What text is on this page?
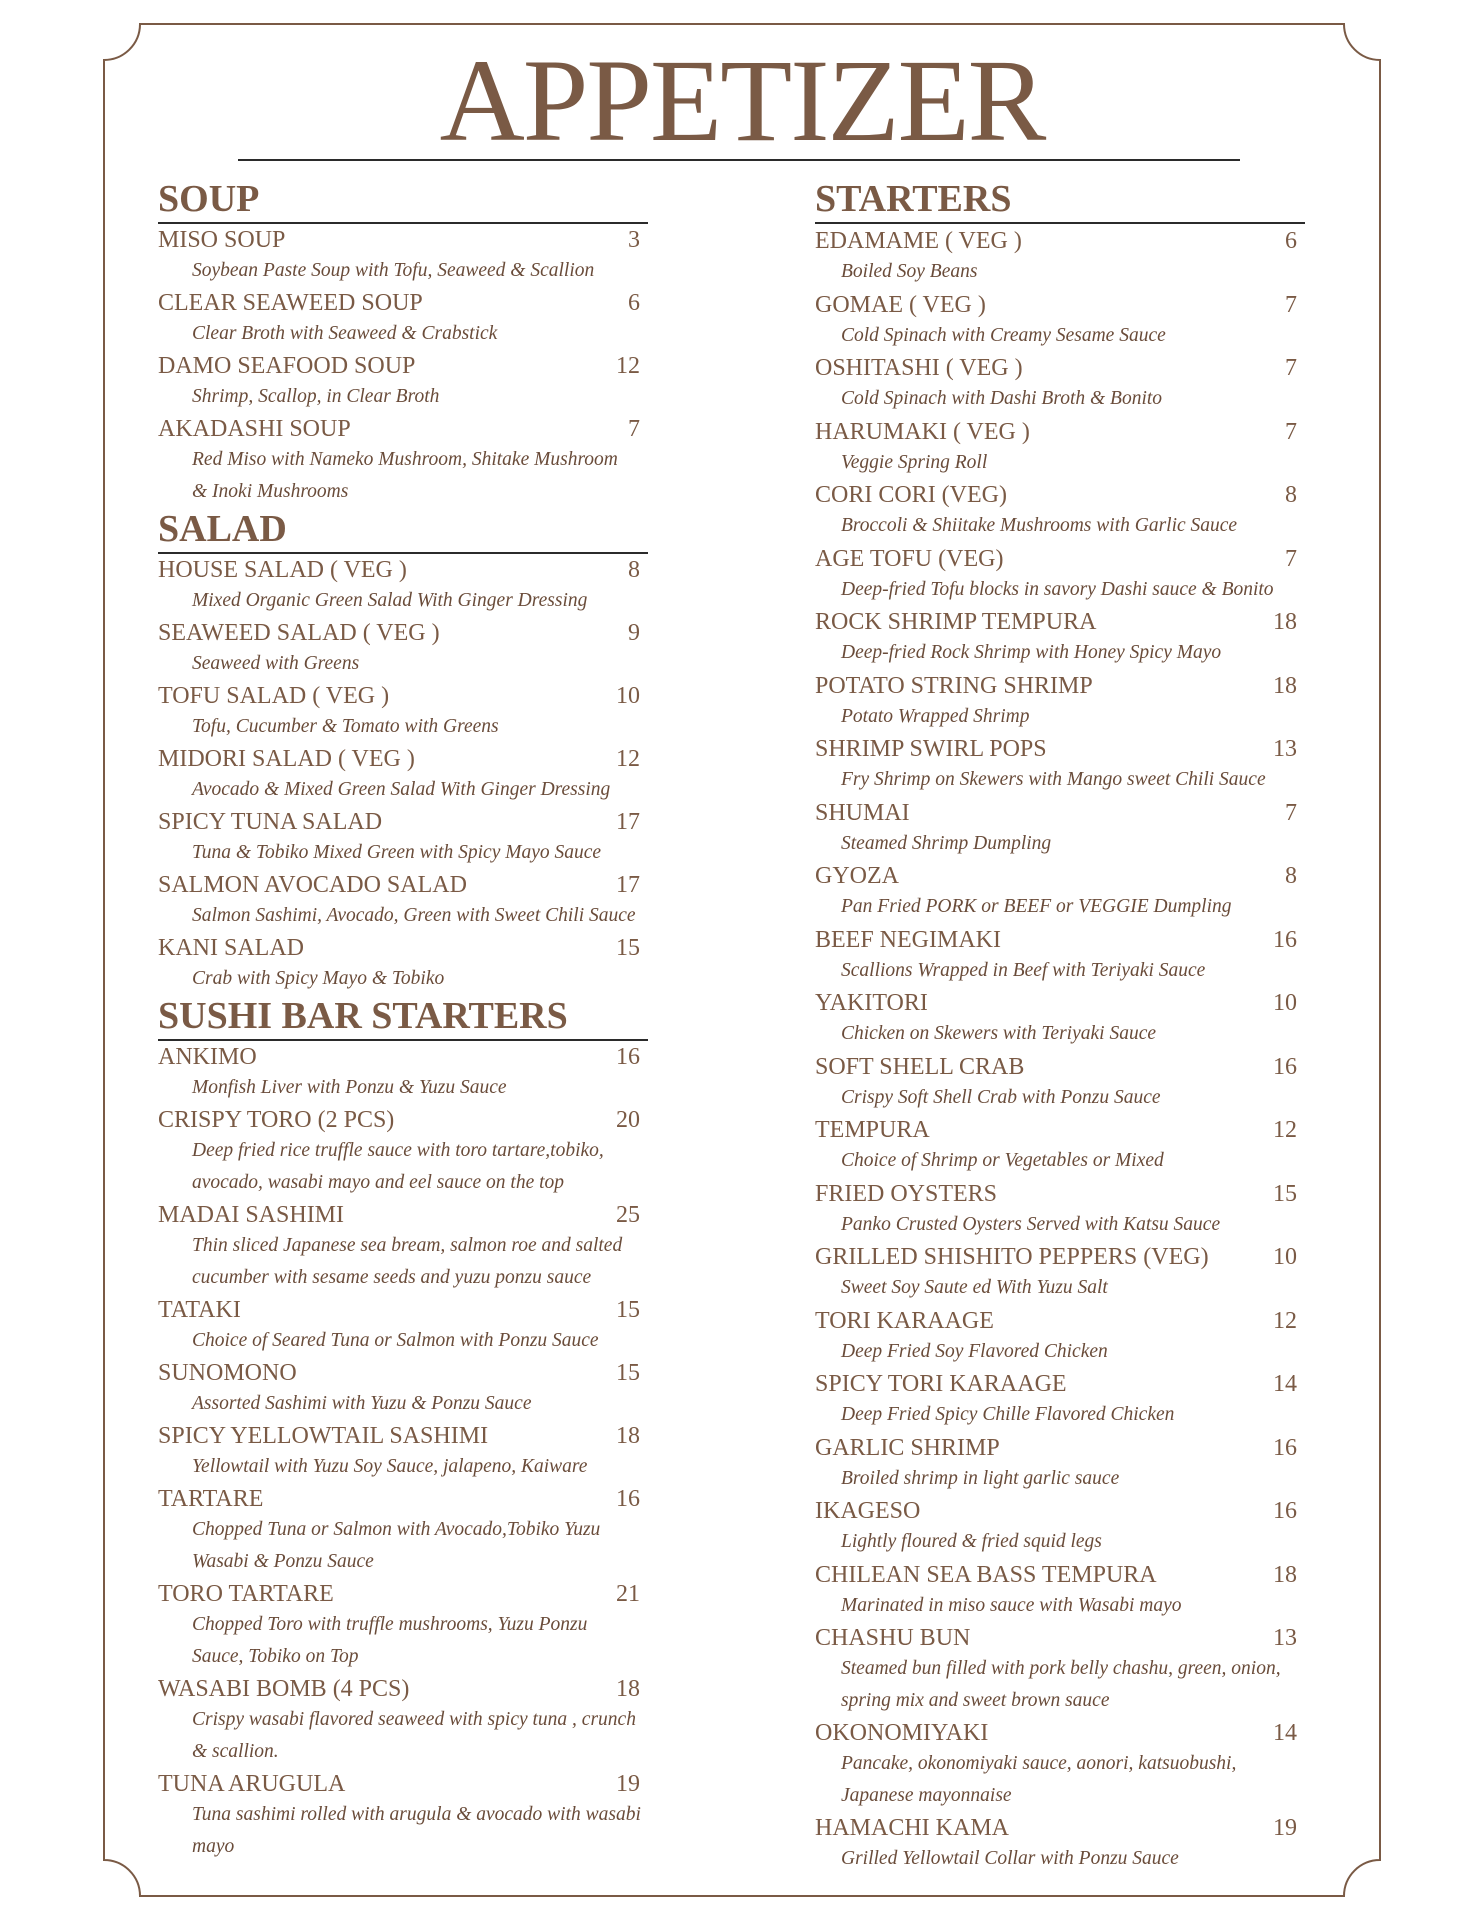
APPETIZER
SOUP
MISO SOUP	3
Soybean Paste Soup with Tofu, Seaweed & Scallion
CLEAR SEAWEED SOUP	6
Clear Broth with Seaweed & Crabstick
DAMO SEAFOOD SOUP	12
Shrimp, Scallop, in Clear Broth
AKADASHI SOUP	7
Red Miso with Nameko Mushroom, Shitake Mushroom
& Inoki Mushrooms
SALAD
HOUSE SALAD ( VEG )	8
Mixed Organic Green Salad With Ginger Dressing
SEAWEED SALAD ( VEG )	9
Seaweed with Greens
TOFU SALAD ( VEG )	10
Tofu, Cucumber & Tomato with Greens
MIDORI SALAD ( VEG )	12
Avocado & Mixed Green Salad With Ginger Dressing
SPICY TUNA SALAD	17
Tuna & Tobiko Mixed Green with Spicy Mayo Sauce
SALMON AVOCADO SALAD	17
Salmon Sashimi, Avocado, Green with Sweet Chili Sauce
KANI SALAD	15
Crab with Spicy Mayo & Tobiko
SUSHI BAR STARTERS
ANKIMO	16
Monfish Liver with Ponzu & Yuzu Sauce
CRISPY TORO (2 PCS)	20
Deep fried rice truffle sauce with toro tartare,tobiko,
avocado, wasabi mayo and eel sauce on the top
MADAI SASHIMI	25
Thin sliced Japanese sea bream, salmon roe and salted
cucumber with sesame seeds and yuzu ponzu sauce
TATAKI	15
Choice of Seared Tuna or Salmon with Ponzu Sauce
SUNOMONO	15
Assorted Sashimi with Yuzu & Ponzu Sauce
SPICY YELLOWTAIL SASHIMI	18
Yellowtail with Yuzu Soy Sauce, jalapeno, Kaiware
TARTARE	16
Chopped Tuna or Salmon with Avocado,Tobiko Yuzu
Wasabi & Ponzu Sauce
TORO TARTARE	21
Chopped Toro with truffle mushrooms, Yuzu Ponzu
Sauce, Tobiko on Top
WASABI BOMB (4 PCS)	18
Crispy wasabi flavored seaweed with spicy tuna , crunch
& scallion.
TUNA ARUGULA	19
Tuna sashimi rolled with arugula & avocado with wasabi
mayo
STARTERS
EDAMAME ( VEG )	6
Boiled Soy Beans
GOMAE ( VEG )	7
Cold Spinach with Creamy Sesame Sauce
OSHITASHI ( VEG )	7
Cold Spinach with Dashi Broth & Bonito
HARUMAKI ( VEG )	7
Veggie Spring Roll
CORI CORI (VEG)	8
Broccoli & Shiitake Mushrooms with Garlic Sauce
AGE TOFU (VEG)	7
Deep-fried Tofu blocks in savory Dashi sauce & Bonito
ROCK SHRIMP TEMPURA	18
Deep-fried Rock Shrimp with Honey Spicy Mayo
POTATO STRING SHRIMP	18
Potato Wrapped Shrimp
SHRIMP SWIRL POPS	13
Fry Shrimp on Skewers with Mango sweet Chili Sauce
SHUMAI	7
Steamed Shrimp Dumpling
GYOZA	8
Pan Fried PORK or BEEF or VEGGIE Dumpling
BEEF NEGIMAKI	16
Scallions Wrapped in Beef with Teriyaki Sauce
YAKITORI	10
Chicken on Skewers with Teriyaki Sauce
SOFT SHELL CRAB	16
Crispy Soft Shell Crab with Ponzu Sauce
TEMPURA	12
Choice of Shrimp or Vegetables or Mixed
FRIED OYSTERS	15
Panko Crusted Oysters Served with Katsu Sauce
GRILLED SHISHITO PEPPERS (VEG)	10
Sweet Soy Saute ed With Yuzu Salt
TORI KARAAGE	12
Deep Fried Soy Flavored Chicken
SPICY TORI KARAAGE	14
Deep Fried Spicy Chille Flavored Chicken
GARLIC SHRIMP	16
Broiled shrimp in light garlic sauce
IKAGESO	16
Lightly floured & fried squid legs
CHILEAN SEA BASS TEMPURA	18
Marinated in miso sauce with Wasabi mayo
CHASHU BUN	13
Steamed bun filled with pork belly chashu, green, onion,
spring mix and sweet brown sauce
OKONOMIYAKI	14
Pancake, okonomiyaki sauce, aonori, katsuobushi,
Japanese mayonnaise
HAMACHI KAMA	19
Grilled Yellowtail Collar with Ponzu Sauce
